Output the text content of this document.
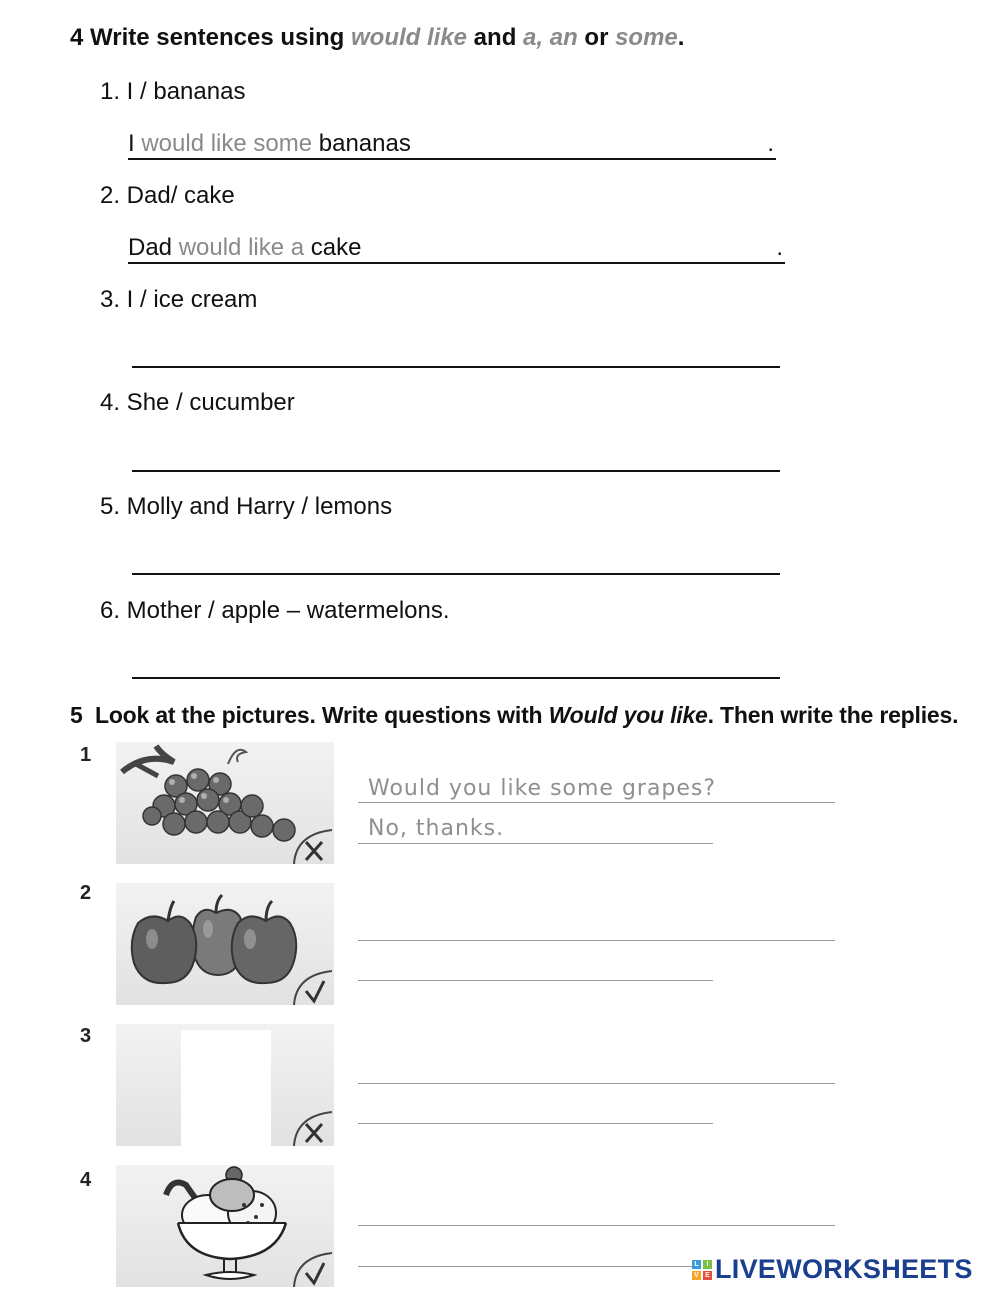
4 Write sentences using would like and a, an or some.
1. I / bananas
I would like some bananas	.
2. Dad/ cake
Dad would like a cake	.
3. I / ice cream
4. She / cucumber
5. Molly and Harry / lemons
6. Mother / apple – watermelons.
5 Look at the pictures. Write questions with Would you like. Then write the replies.
1
Would you like some grapes?
No, thanks.
2
3
4
L	I
V E LIVEWORKSHEETS
